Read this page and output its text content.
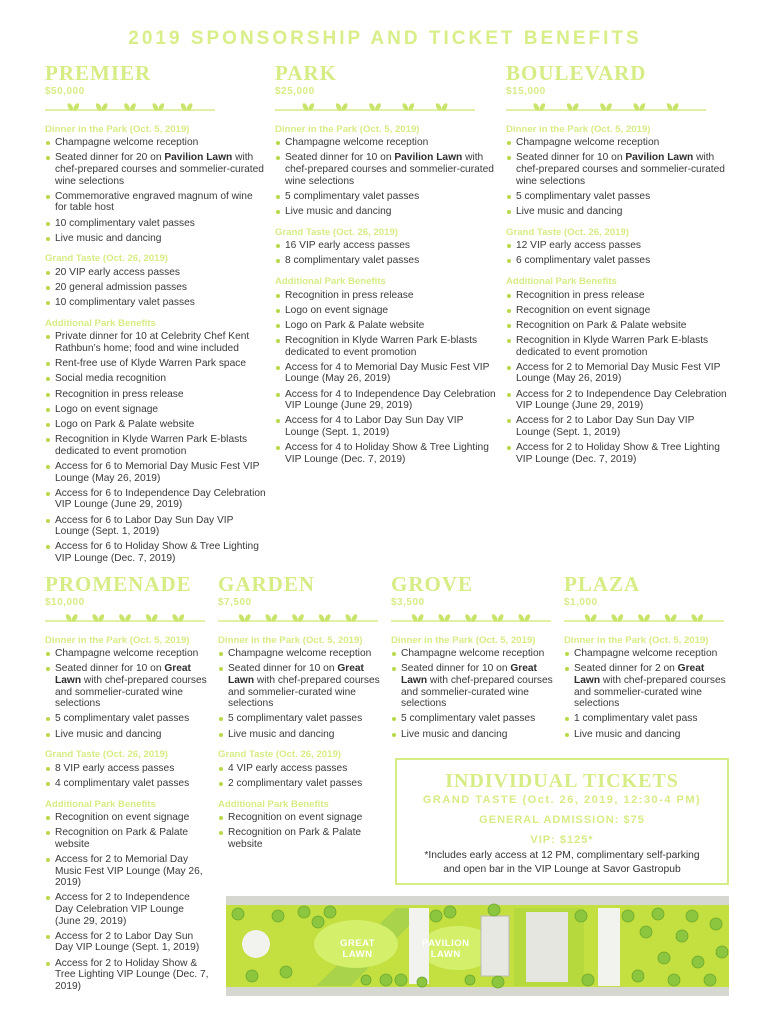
2019 SPONSORSHIP AND TICKET BENEFITS
PREMIER
$50,000
Dinner in the Park (Oct. 5, 2019)
Champagne welcome reception
Seated dinner for 20 on Pavilion Lawn with chef-prepared courses and sommelier-curated wine selections
Commemorative engraved magnum of wine for table host
10 complimentary valet passes
Live music and dancing
Grand Taste (Oct. 26, 2019)
20 VIP early access passes
20 general admission passes
10 complimentary valet passes
Additional Park Benefits
Private dinner for 10 at Celebrity Chef Kent Rathbun’s home; food and wine included
Rent-free use of Klyde Warren Park space
Social media recognition
Recognition in press release
Logo on event signage
Logo on Park & Palate website
Recognition in Klyde Warren Park E-blasts dedicated to event promotion
Access for 6 to Memorial Day Music Fest VIP Lounge (May 26, 2019)
Access for 6 to Independence Day Celebration VIP Lounge (June 29, 2019)
Access for 6 to Labor Day Sun Day VIP Lounge (Sept. 1, 2019)
Access for 6 to Holiday Show & Tree Lighting VIP Lounge (Dec. 7, 2019)
PARK
$25,000
Dinner in the Park (Oct. 5, 2019)
Champagne welcome reception
Seated dinner for 10 on Pavilion Lawn with chef-prepared courses and sommelier-curated wine selections
5 complimentary valet passes
Live music and dancing
Grand Taste (Oct. 26, 2019)
16 VIP early access passes
8 complimentary valet passes
Additional Park Benefits
Recognition in press release
Logo on event signage
Logo on Park & Palate website
Recognition in Klyde Warren Park E-blasts dedicated to event promotion
Access for 4 to Memorial Day Music Fest VIP Lounge (May 26, 2019)
Access for 4 to Independence Day Celebration VIP Lounge (June 29, 2019)
Access for 4 to Labor Day Sun Day VIP Lounge (Sept. 1, 2019)
Access for 4 to Holiday Show & Tree Lighting VIP Lounge (Dec. 7, 2019)
BOULEVARD
$15,000
Dinner in the Park (Oct. 5, 2019)
Champagne welcome reception
Seated dinner for 10 on Pavilion Lawn with chef-prepared courses and sommelier-curated wine selections
5 complimentary valet passes
Live music and dancing
Grand Taste (Oct. 26, 2019)
12 VIP early access passes
6 complimentary valet passes
Additional Park Benefits
Recognition in press release
Recognition on event signage
Recognition on Park & Palate website
Recognition in Klyde Warren Park E-blasts dedicated to event promotion
Access for 2 to Memorial Day Music Fest VIP Lounge (May 26, 2019)
Access for 2 to Independence Day Celebration VIP Lounge (June 29, 2019)
Access for 2 to Labor Day Sun Day VIP Lounge (Sept. 1, 2019)
Access for 2 to Holiday Show & Tree Lighting VIP Lounge (Dec. 7, 2019)
PROMENADE
$10,000
Dinner in the Park (Oct. 5, 2019)
Champagne welcome reception
Seated dinner for 10 on Great Lawn with chef-prepared courses and sommelier-curated wine selections
5 complimentary valet passes
Live music and dancing
Grand Taste (Oct. 26, 2019)
8 VIP early access passes
4 complimentary valet passes
Additional Park Benefits
Recognition on event signage
Recognition on Park & Palate website
Access for 2 to Memorial Day Music Fest VIP Lounge (May 26, 2019)
Access for 2 to Independence Day Celebration VIP Lounge (June 29, 2019)
Access for 2 to Labor Day Sun Day VIP Lounge (Sept. 1, 2019)
Access for 2 to Holiday Show & Tree Lighting VIP Lounge (Dec. 7, 2019)
GARDEN
$7,500
Dinner in the Park (Oct. 5, 2019)
Champagne welcome reception
Seated dinner for 10 on Great Lawn with chef-prepared courses and sommelier-curated wine selections
5 complimentary valet passes
Live music and dancing
Grand Taste (Oct. 26, 2019)
4 VIP early access passes
2 complimentary valet passes
Additional Park Benefits
Recognition on event signage
Recognition on Park & Palate website
GROVE
$3,500
Dinner in the Park (Oct. 5, 2019)
Champagne welcome reception
Seated dinner for 10 on Great Lawn with chef-prepared courses and sommelier-curated wine selections
5 complimentary valet passes
Live music and dancing
PLAZA
$1,000
Dinner in the Park (Oct. 5, 2019)
Champagne welcome reception
Seated dinner for 2 on Great Lawn with chef-prepared courses and sommelier-curated wine selections
1 complimentary valet pass
Live music and dancing
INDIVIDUAL TICKETS
GRAND TASTE (Oct. 26, 2019, 12:30-4 PM)
GENERAL ADMISSION: $75
VIP: $125*
*Includes early access at 12 PM, complimentary self-parking
and open bar in the VIP Lounge at Savor Gastropub
GREAT
LAWN
PAVILION
LAWN
